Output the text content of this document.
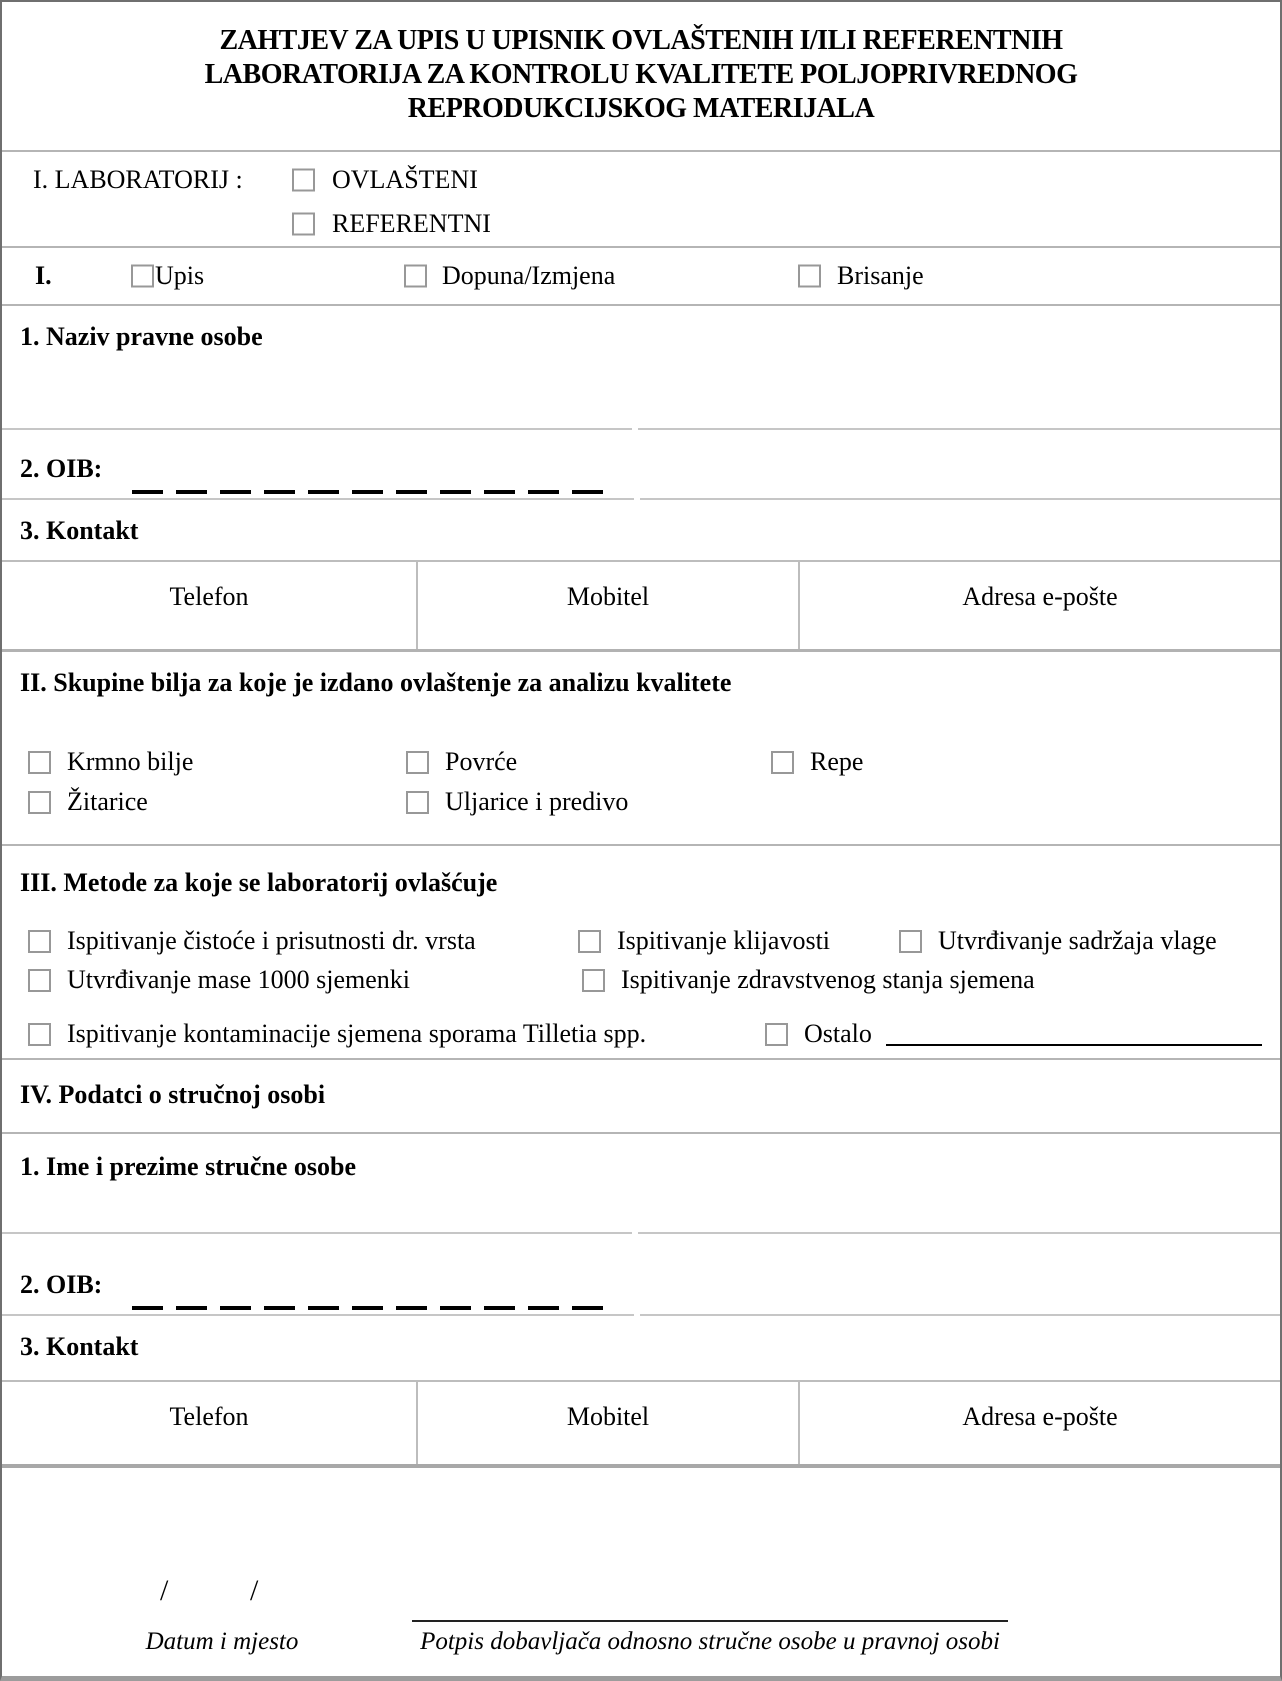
ZAHTJEV ZA UPIS U UPISNIK OVLAŠTENIH I/ILI REFERENTNIH
LABORATORIJA ZA KONTROLU KVALITETE POLJOPRIVREDNOG
REPRODUKCIJSKOG MATERIJALA
I. LABORATORIJ :	OVLAŠTENI
REFERENTNI
I.	Upis	Dopuna/Izmjena	Brisanje
1. Naziv pravne osobe
2. OIB:
3. Kontakt
Telefon	Mobitel	Adresa e-pošte
II. Skupine bilja za koje je izdano ovlaštenje za analizu kvalitete
Krmno bilje	Povrće	Repe
Žitarice	Uljarice i predivo
III. Metode za koje se laboratorij ovlašćuje
Ispitivanje čistoće i prisutnosti dr. vrsta	Ispitivanje klijavosti	Utvrđivanje sadržaja vlage
Utvrđivanje mase 1000 sjemenki	Ispitivanje zdravstvenog stanja sjemena
Ispitivanje kontaminacije sjemena sporama Tilletia spp.	Ostalo
IV. Podatci o stručnoj osobi
1. Ime i prezime stručne osobe
2. OIB:
3. Kontakt
Telefon	Mobitel	Adresa e-pošte
/	/
Datum i mjesto	Potpis dobavljača odnosno stručne osobe u pravnoj osobi
